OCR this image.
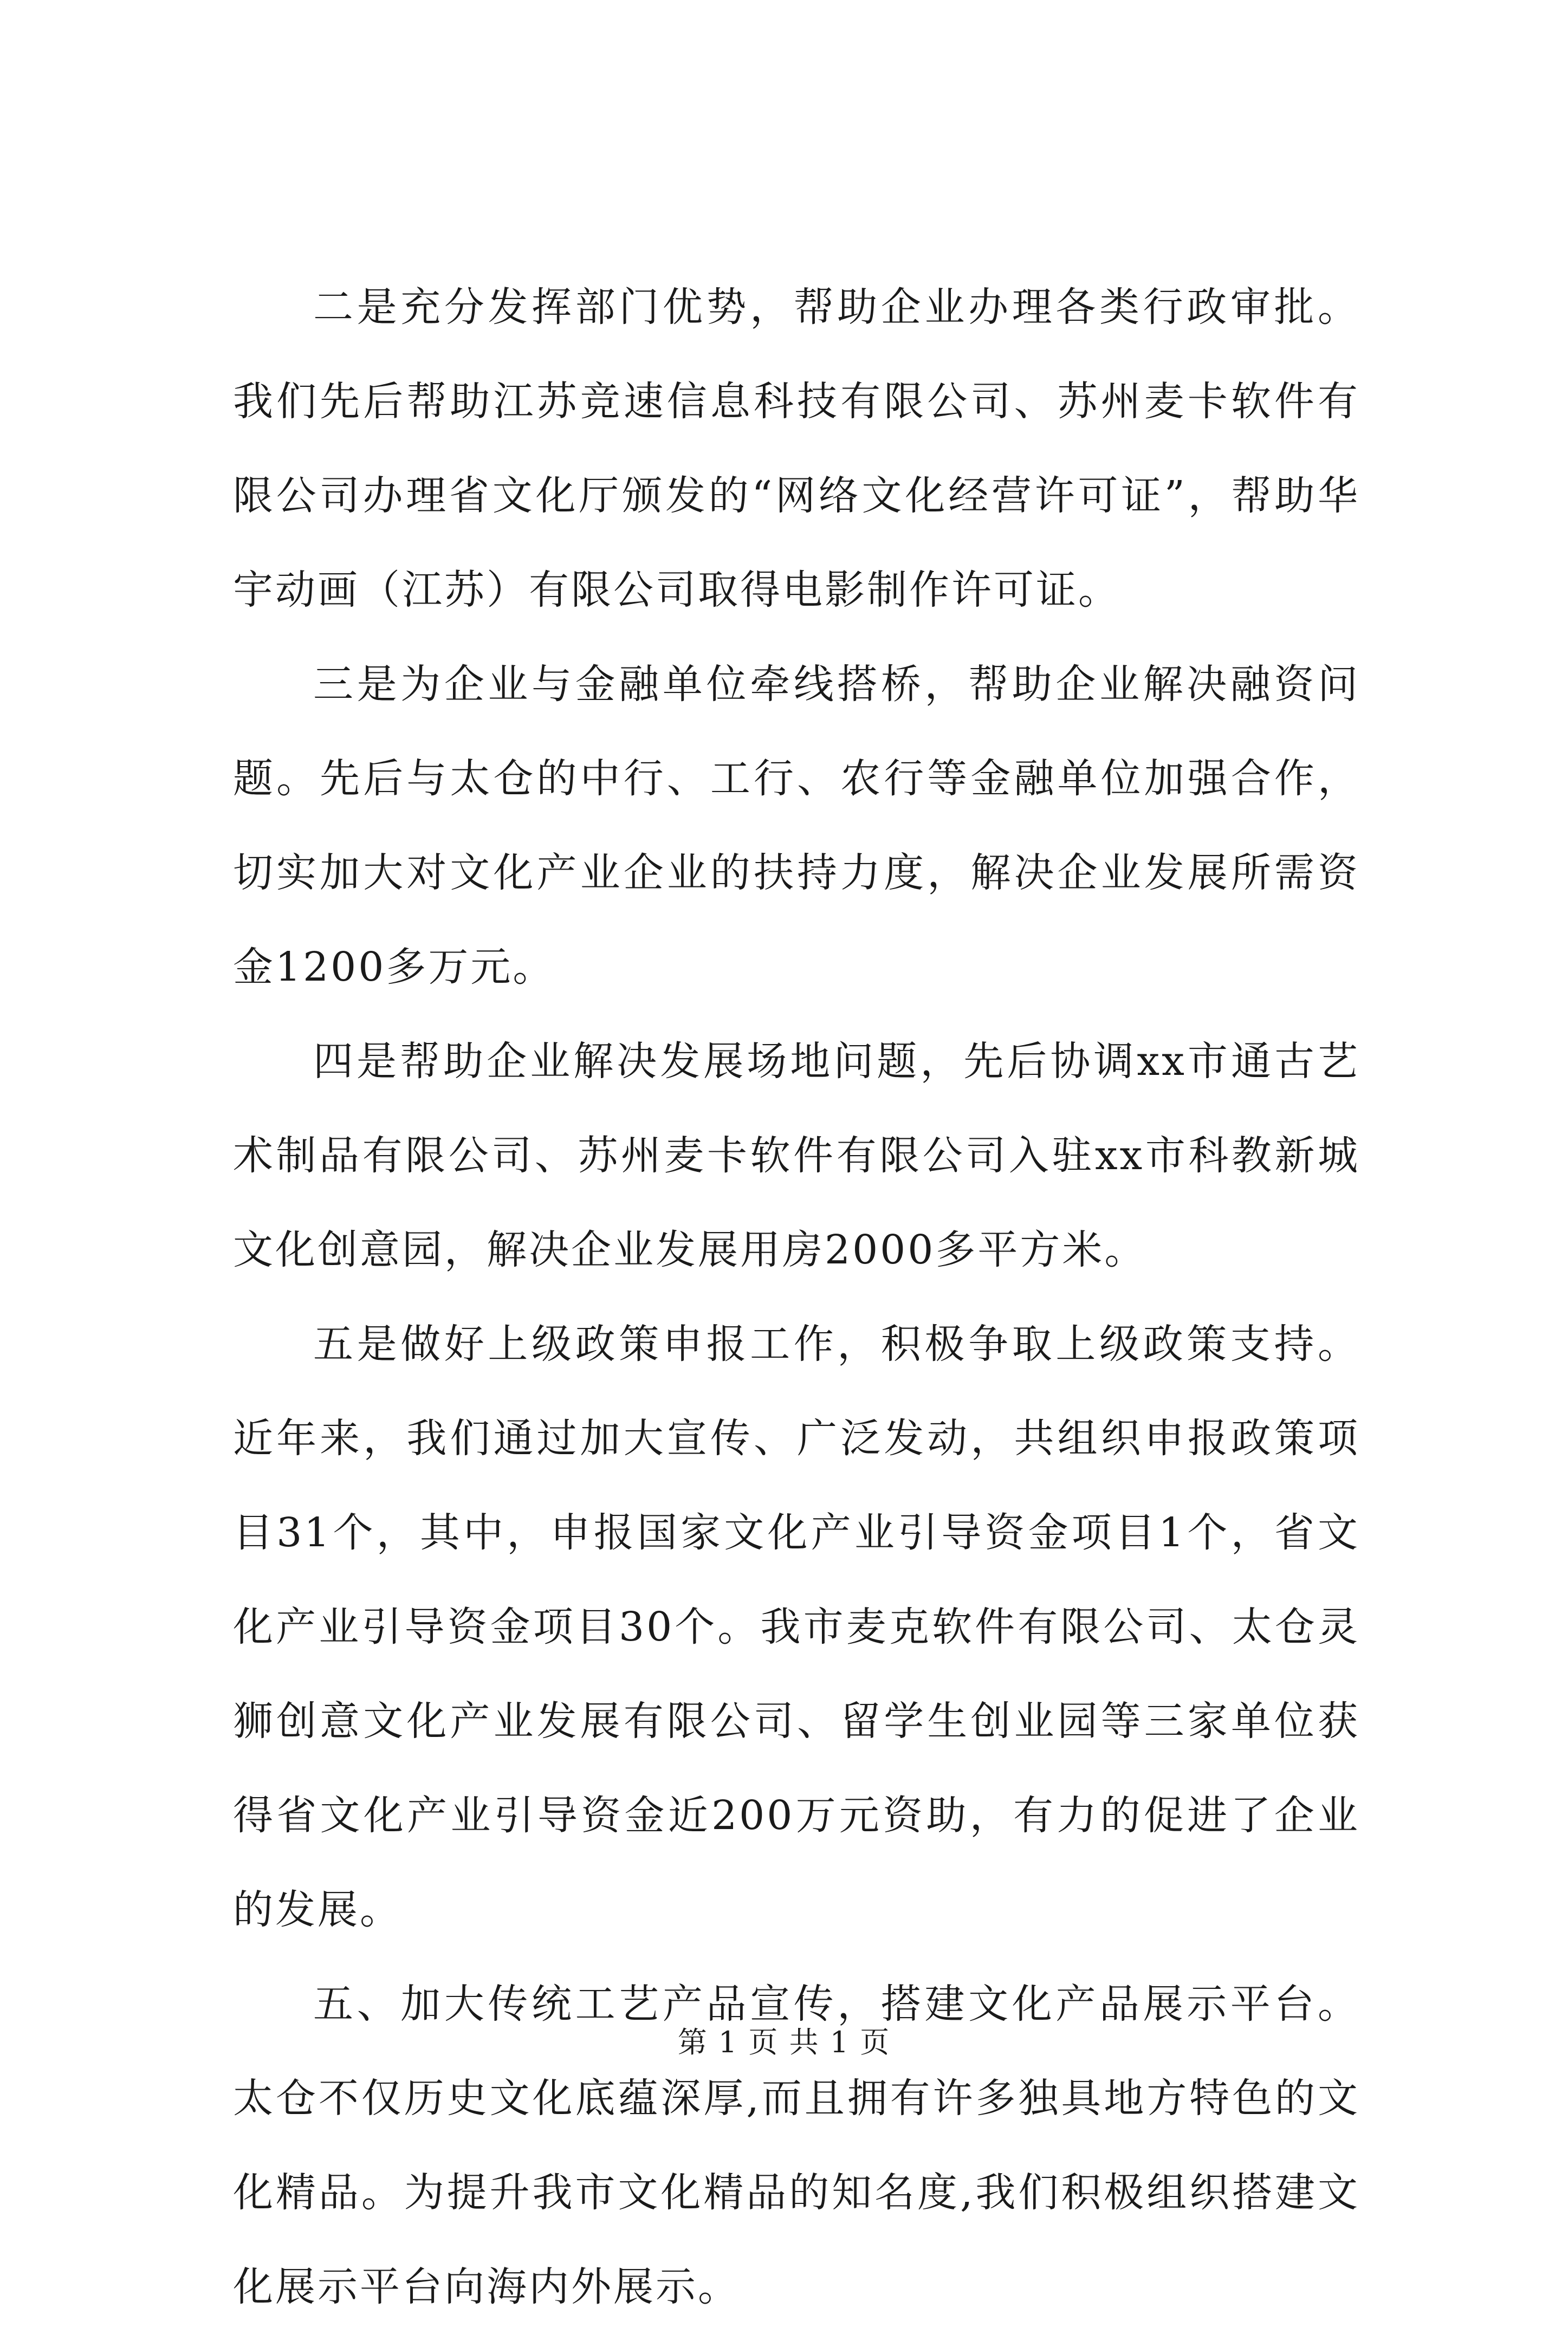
二是充分发挥部门优势，帮助企业办理各类行政审批。我们先后帮助江苏竞速信息科技有限公司、苏州麦卡软件有限公司办理省文化厅颁发的“网络文化经营许可证”，帮助华宇动画（江苏）有限公司取得电影制作许可证。

三是为企业与金融单位牵线搭桥，帮助企业解决融资问题。先后与太仓的中行、工行、农行等金融单位加强合作，切实加大对文化产业企业的扶持力度，解决企业发展所需资金1200多万元。

四是帮助企业解决发展场地问题，先后协调xx市通古艺术制品有限公司、苏州麦卡软件有限公司入驻xx市科教新城文化创意园，解决企业发展用房2000多平方米。

五是做好上级政策申报工作，积极争取上级政策支持。近年来，我们通过加大宣传、广泛发动，共组织申报政策项目31个，其中，申报国家文化产业引导资金项目1个，省文化产业引导资金项目30个。我市麦克软件有限公司、太仓灵狮创意文化产业发展有限公司、留学生创业园等三家单位获得省文化产业引导资金近200万元资助，有力的促进了企业的发展。

五、加大传统工艺产品宣传，搭建文化产品展示平台。太仓不仅历史文化底蕴深厚,而且拥有许多独具地方特色的文化精品。为提升我市文化精品的知名度,我们积极组织搭建文化展示平台向海内外展示。

第 1 页 共 1 页
